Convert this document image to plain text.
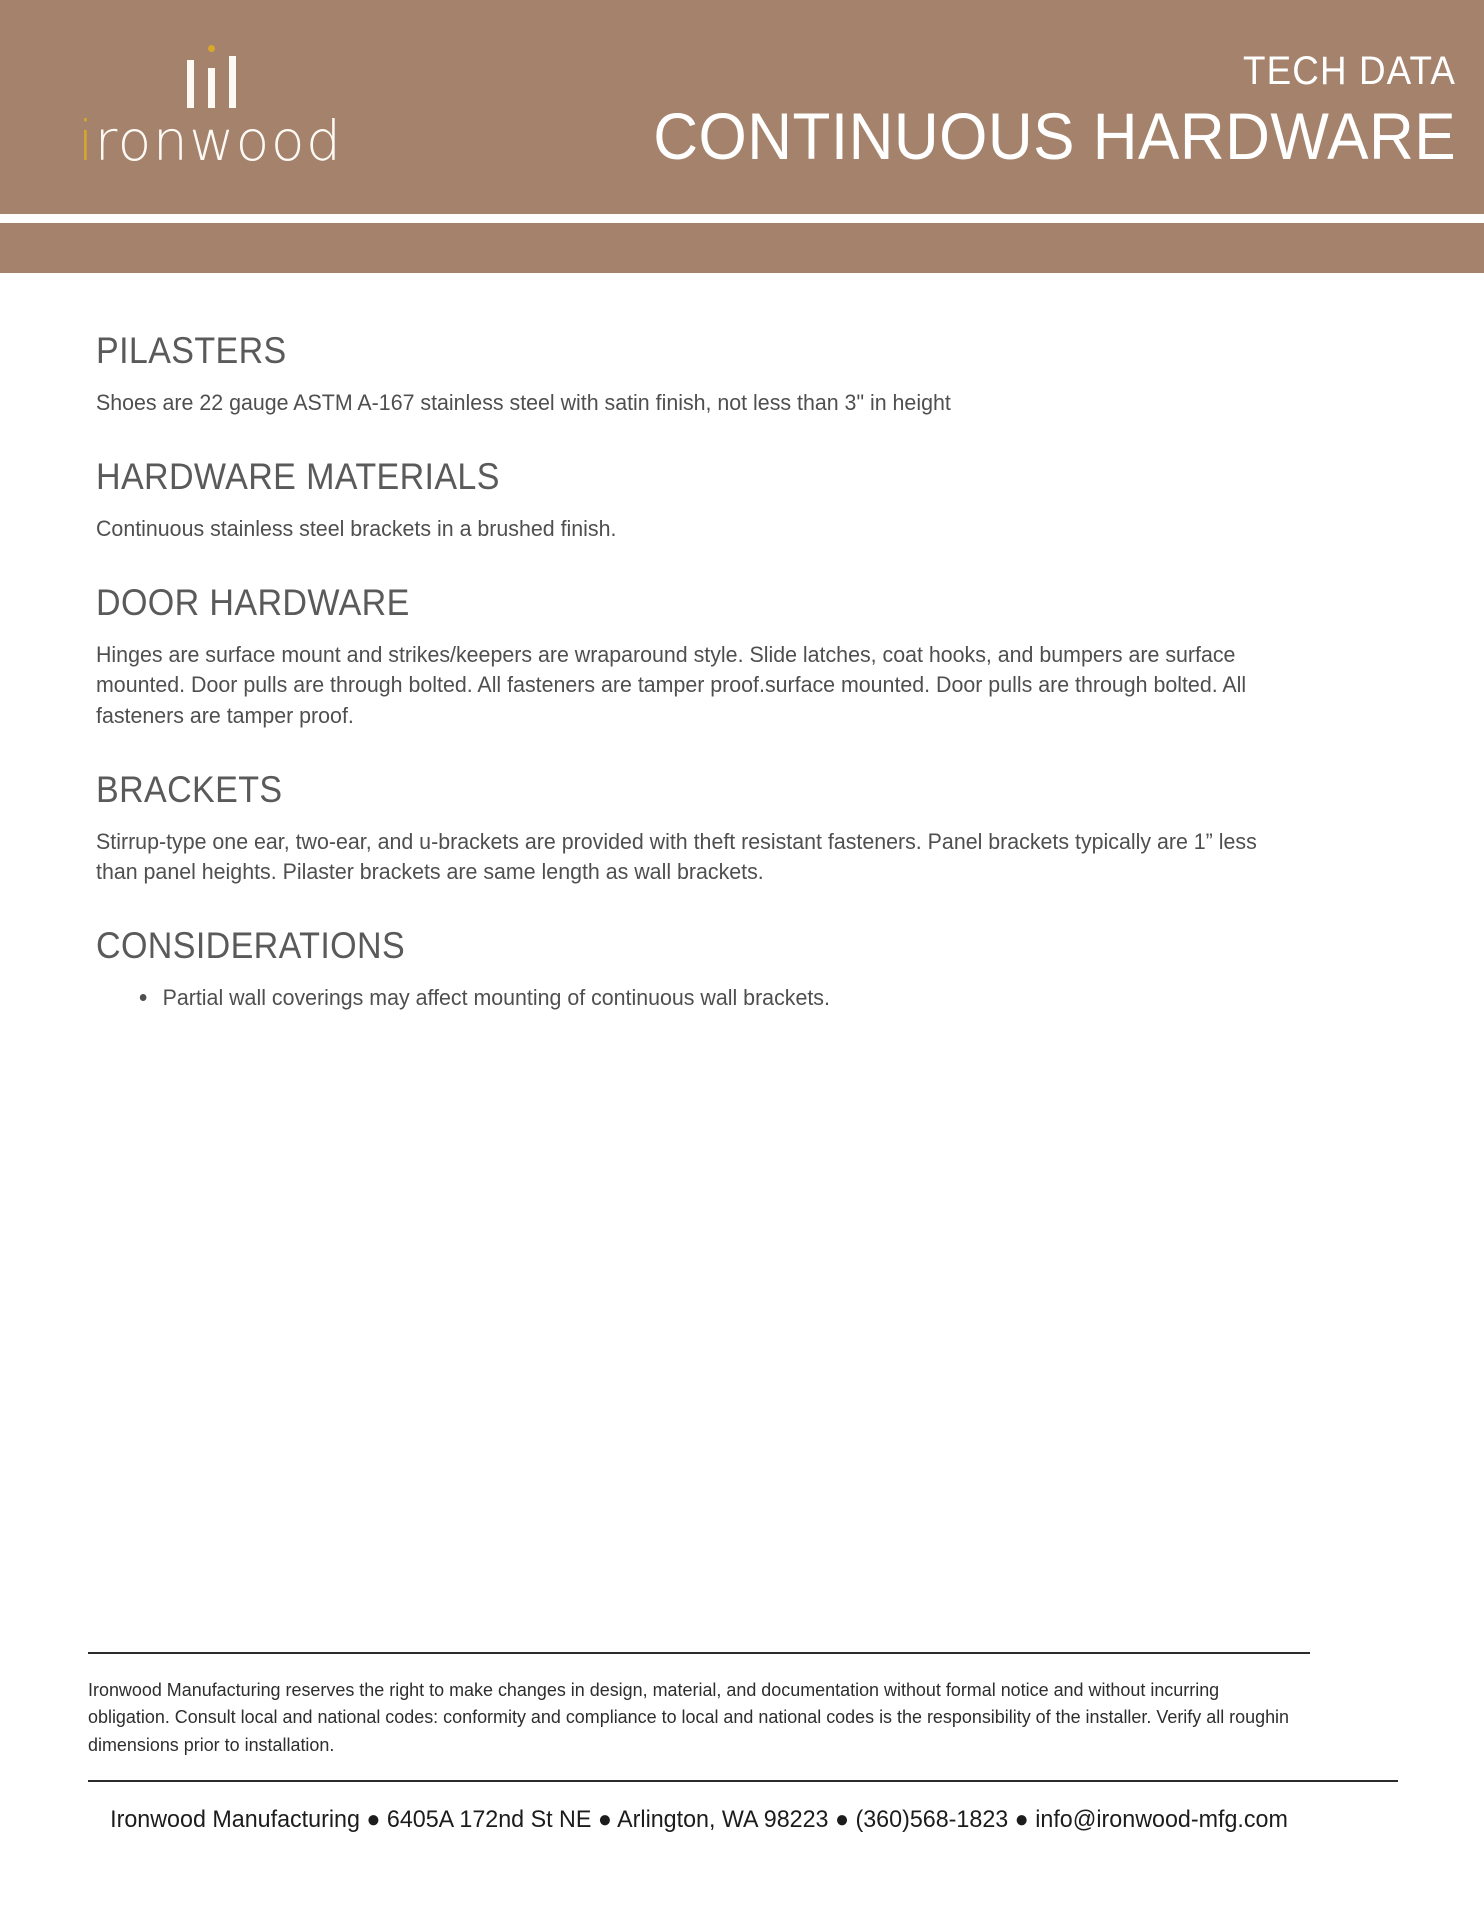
ironwood
TECH DATA
CONTINUOUS HARDWARE
PILASTERS

Shoes are 22 gauge ASTM A-167 stainless steel with satin finish, not less than 3" in height

HARDWARE MATERIALS

Continuous stainless steel brackets in a brushed finish.

DOOR HARDWARE

Hinges are surface mount and strikes/keepers are wraparound style. Slide latches, coat hooks, and bumpers are surface mounted. Door pulls are through bolted. All fasteners are tamper proof.surface mounted. Door pulls are through bolted. All fasteners are tamper proof.

BRACKETS

Stirrup-type one ear, two-ear, and u-brackets are provided with theft resistant fasteners. Panel brackets typically are 1” less than panel heights. Pilaster brackets are same length as wall brackets.

CONSIDERATIONS
Partial wall coverings may affect mounting of continuous wall brackets.

Ironwood Manufacturing reserves the right to make changes in design, material, and documentation without formal notice and without incurring obligation. Consult local and national codes: conformity and compliance to local and national codes is the responsibility of the installer. Verify all roughin dimensions prior to installation.

Ironwood Manufacturing ● 6405A 172nd St NE ● Arlington, WA 98223 ● (360)568-1823 ● info@ironwood-mfg.com
